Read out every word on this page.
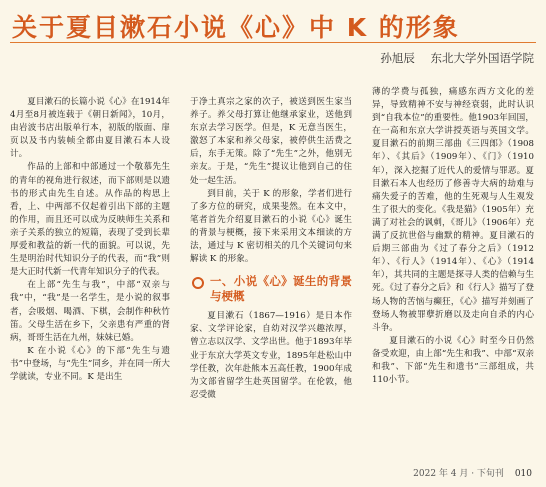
关于夏目漱石小说《心》中 K 的形象
孙旭辰 东北大学外国语学院

夏目漱石的长篇小说《心》在1914年4月至8月被连载于《朝日新闻》，10月，由岩波书店出版单行本，初版的版面、扉页以及书内装帧全都由夏目漱石本人设计。

作品的上部和中部通过一个敬慕先生的青年的视角进行叙述，而下部则是以遗书的形式由先生自述。从作品的构思上看，上、中两部不仅起着引出下部的主题的作用，而且还可以成为反映师生关系和亲子关系的独立的短篇，表现了受到长辈厚爱和教益的新一代的面貌。可以说，先生是明治时代知识分子的代表，而“我”则是大正时代新一代青年知识分子的代表。

在上部“先生与我”，中部“双亲与我”中，“我”是一名学生，是小说的叙事者，会吸烟、喝酒、下棋，会制作种秋竹笛。父母生活在乡下，父亲患有严重的肾病，哥哥生活在九州，妹妹已婚。

K 在小说《心》的下部“先生与遗书”中登场，与“先生”同乡，并在同一所大学就读，专业不同。K 是出生

于净土真宗之家的次子，被送到医生家当养子。养父母打算让他继承家业，送他到东京去学习医学。但是，K 无意当医生，激怒了本家和养父母家，被停供生活费之后，东手无策。除了“先生”之外，他别无亲友。于是，“先生”提议让他到自己的住处一起生活。

到目前，关于 K 的形象，学者们进行了多方位的研究，成果斐然。在本文中，笔者首先介绍夏目漱石的小说《心》诞生的背景与梗概，接下来采用文本细读的方法，通过与 K 密切相关的几个关键词句来解读 K 的形象。

一、小说《心》诞生的背景与梗概

夏目漱石（1867—1916）是日本作家、文学评论家，自幼对汉学兴趣浓厚，曾立志以汉学、文学出世。他于1893年毕业于东京大学英文专业，1895年赴松山中学任教，次年赴熊本五高任教，1900年成为文部省留学生赴英国留学。在伦敦，他忍受微

薄的学费与孤独，痛感东西方文化的差异，导致精神不安与神经衰弱，此时认识到“自我本位”的重要性。他1903年回国，在一高和东京大学讲授英语与英国文学。夏目漱石的前期三部曲《三四郎》（1908年）、《其后》（1909年）、《门》（1910年），深入挖掘了近代人的爱情与罪恶。夏目漱石本人也经历了修善寺大病的劫难与痛失爱子的苦难，他的生死观与人生观发生了很大的变化。《我是猫》（1905年）充满了对社会的讽刺，《哥儿》（1906年）充满了反抗世俗与幽默的精神。夏目漱石的后期三部曲为《过了春分之后》（1912年）、《行人》（1914年）、《心》（1914年），其共同的主题是探寻人类的信赖与生死。《过了春分之后》和《行人》描写了登场人物的苦恼与癫狂，《心》描写并刻画了登场人物被罪孽折磨以及走向自杀的内心斗争。

夏目漱石的小说《心》时至今日仍然备受欢迎，由上部“先生和我”、中部“双亲和我”、下部“先生和遗书”三部组成，共110小节。

2022 年 4 月 · 下旬刊 010
